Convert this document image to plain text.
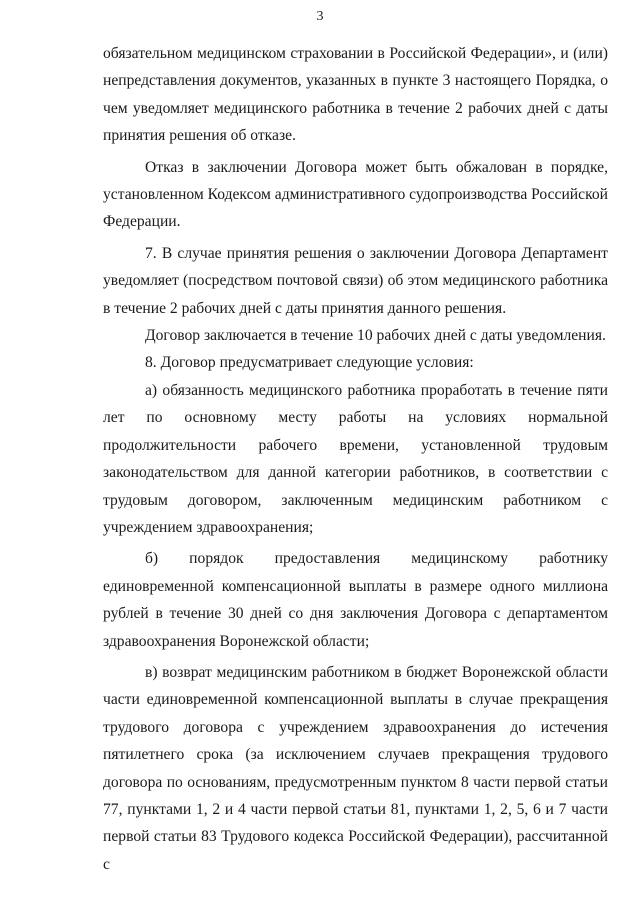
3

обязательном медицинском страховании в Российской Федерации», и (или) непредставления документов, указанных в пункте 3 настоящего Порядка, о чем уведомляет медицинского работника в течение 2 рабочих дней с даты принятия решения об отказе.

Отказ в заключении Договора может быть обжалован в порядке, установленном Кодексом административного судопроизводства Российской Федерации.

7. В случае принятия решения о заключении Договора Департамент уведомляет (посредством почтовой связи) об этом медицинского работника в течение 2 рабочих дней с даты принятия данного решения.

Договор заключается в течение 10 рабочих дней с даты уведомления.

8. Договор предусматривает следующие условия:

а) обязанность медицинского работника проработать в течение пяти лет по основному месту работы на условиях нормальной продолжительности рабочего времени, установленной трудовым законодательством для данной категории работников, в соответствии с трудовым договором, заключенным медицинским работником с учреждением здравоохранения;

б) порядок предоставления медицинскому работнику единовременной компенсационной выплаты в размере одного миллиона рублей в течение 30 дней со дня заключения Договора с департаментом здравоохранения Воронежской области;

в) возврат медицинским работником в бюджет Воронежской области части единовременной компенсационной выплаты в случае прекращения трудового договора с учреждением здравоохранения до истечения пятилетнего срока (за исключением случаев прекращения трудового договора по основаниям, предусмотренным пунктом 8 части первой статьи 77, пунктами 1, 2 и 4 части первой статьи 81, пунктами 1, 2, 5, 6 и 7 части первой статьи 83 Трудового кодекса Российской Федерации), рассчитанной с
